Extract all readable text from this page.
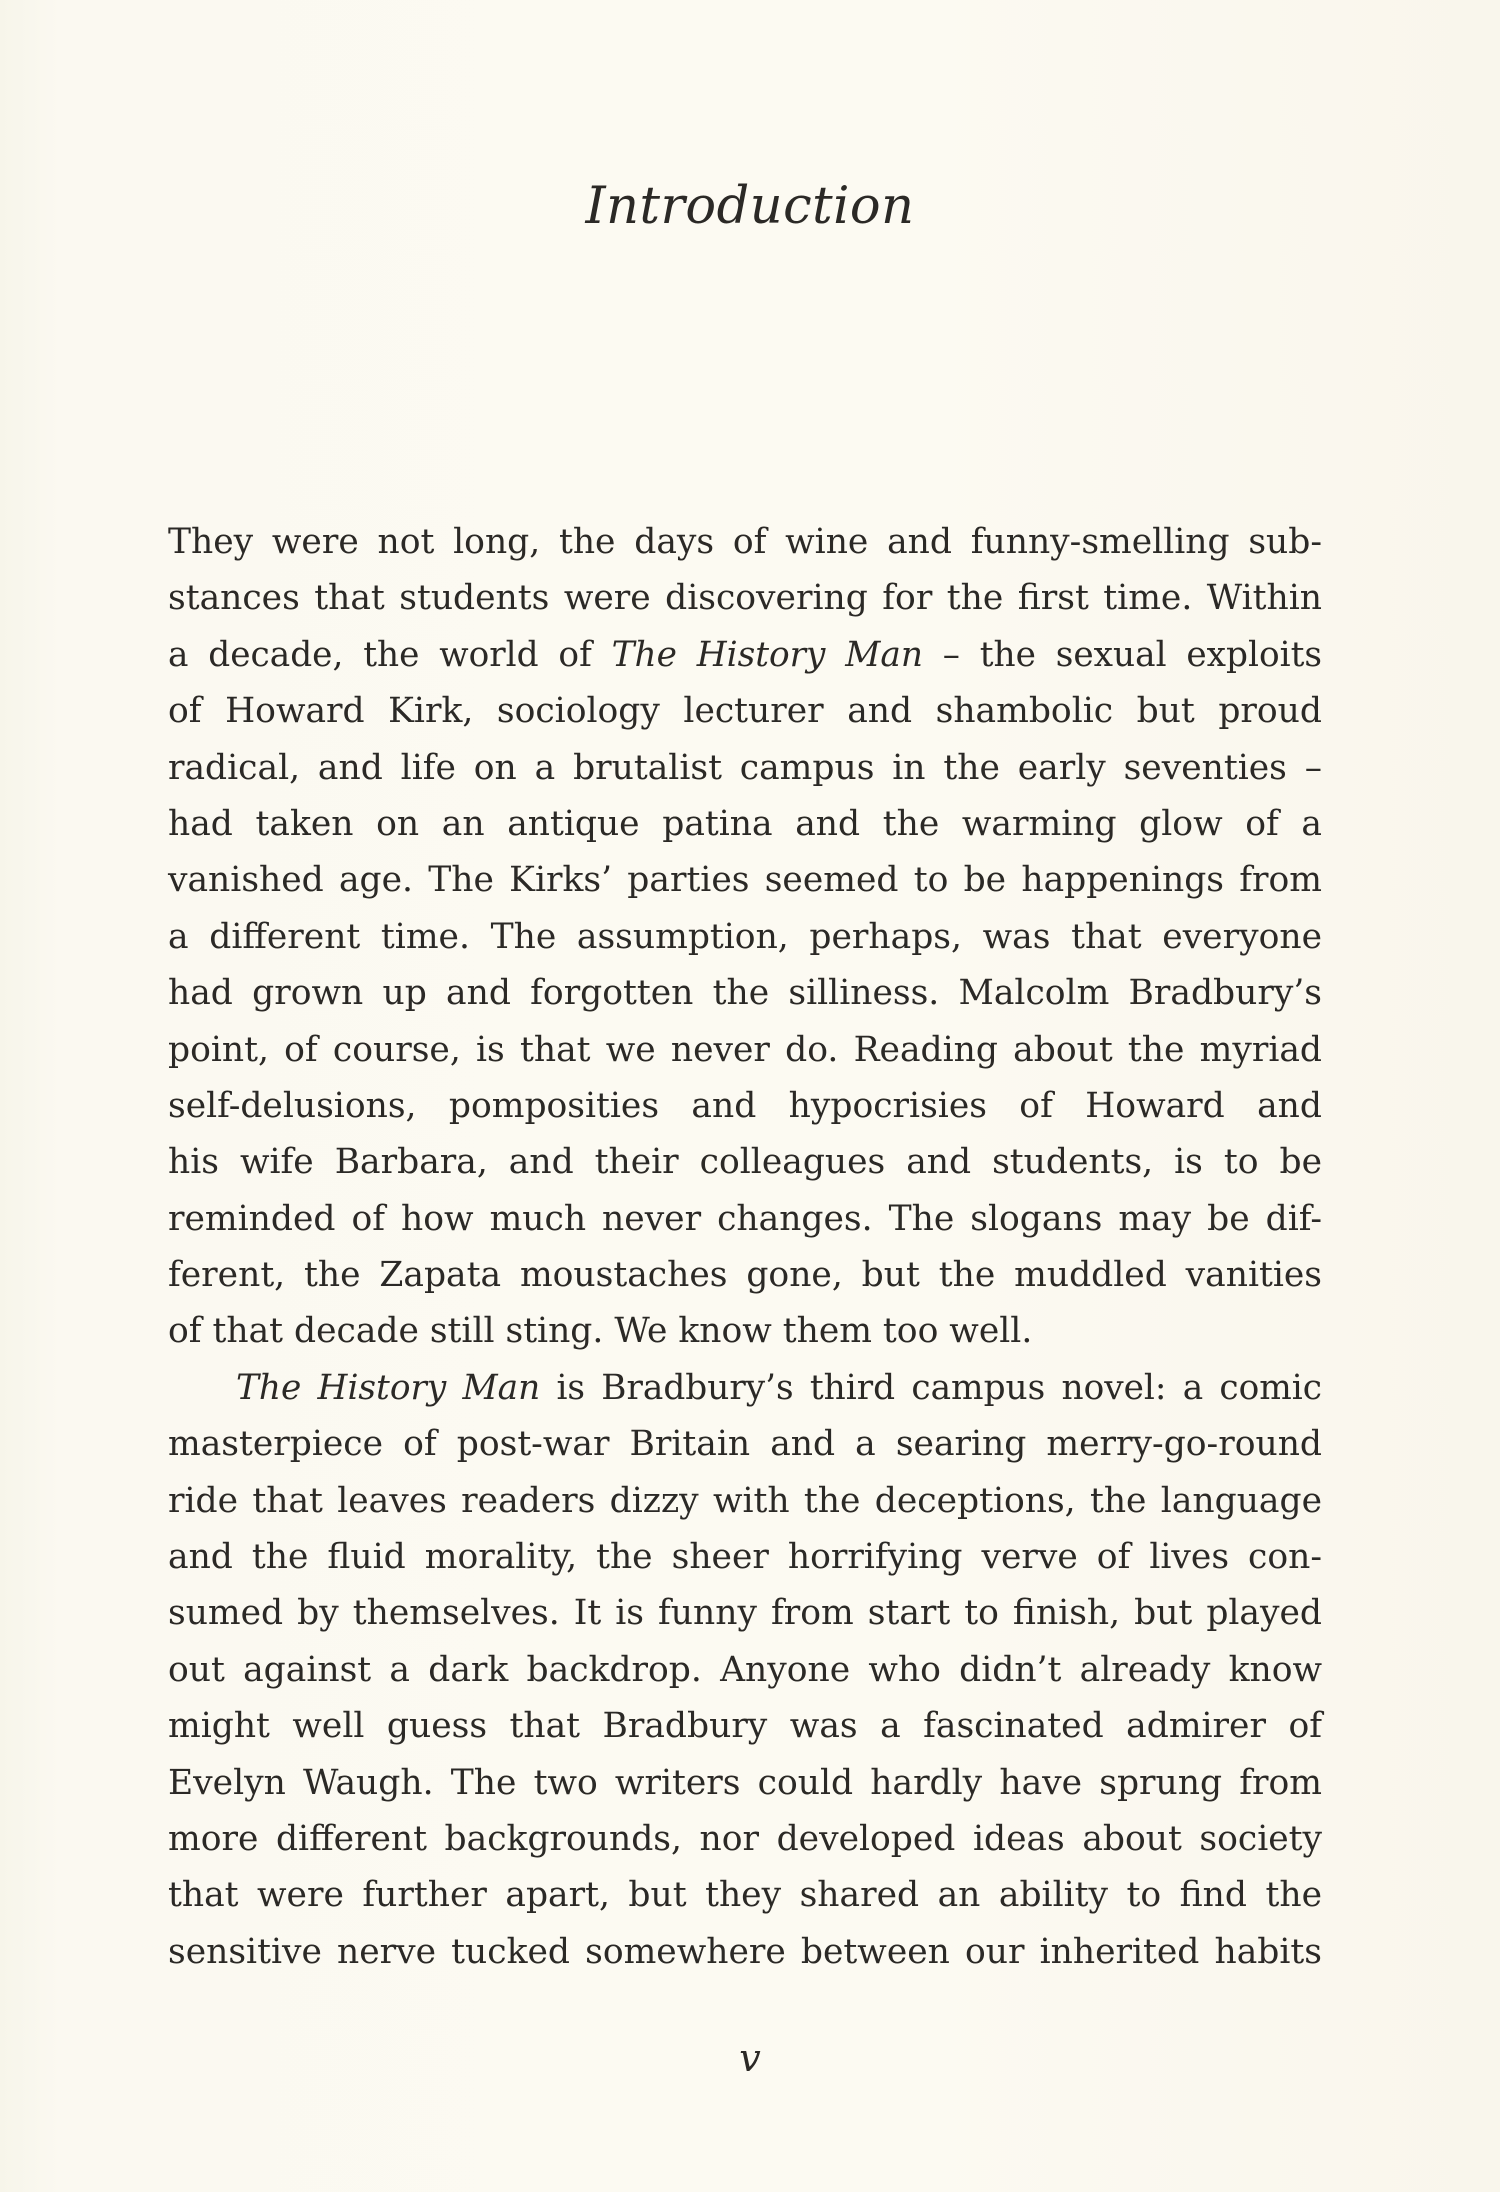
Introduction
They were not long, the days of wine and funny-smelling sub-
stances that students were discovering for the first time. Within
a decade, the world of The History Man – the sexual exploits
of Howard Kirk, sociology lecturer and shambolic but proud
radical, and life on a brutalist campus in the early seventies –
had taken on an antique patina and the warming glow of a
vanished age. The Kirks’ parties seemed to be happenings from
a different time. The assumption, perhaps, was that everyone
had grown up and forgotten the silliness. Malcolm Bradbury’s
point, of course, is that we never do. Reading about the myriad
self-delusions, pomposities and hypocrisies of Howard and
his wife Barbara, and their colleagues and students, is to be
reminded of how much never changes. The slogans may be dif-
ferent, the Zapata moustaches gone, but the muddled vanities
of that decade still sting. We know them too well.
The History Man is Bradbury’s third campus novel: a comic
masterpiece of post-war Britain and a searing merry-go-round
ride that leaves readers dizzy with the deceptions, the language
and the fluid morality, the sheer horrifying verve of lives con-
sumed by themselves. It is funny from start to finish, but played
out against a dark backdrop. Anyone who didn’t already know
might well guess that Bradbury was a fascinated admirer of
Evelyn Waugh. The two writers could hardly have sprung from
more different backgrounds, nor developed ideas about society
that were further apart, but they shared an ability to find the
sensitive nerve tucked somewhere between our inherited habits
v
